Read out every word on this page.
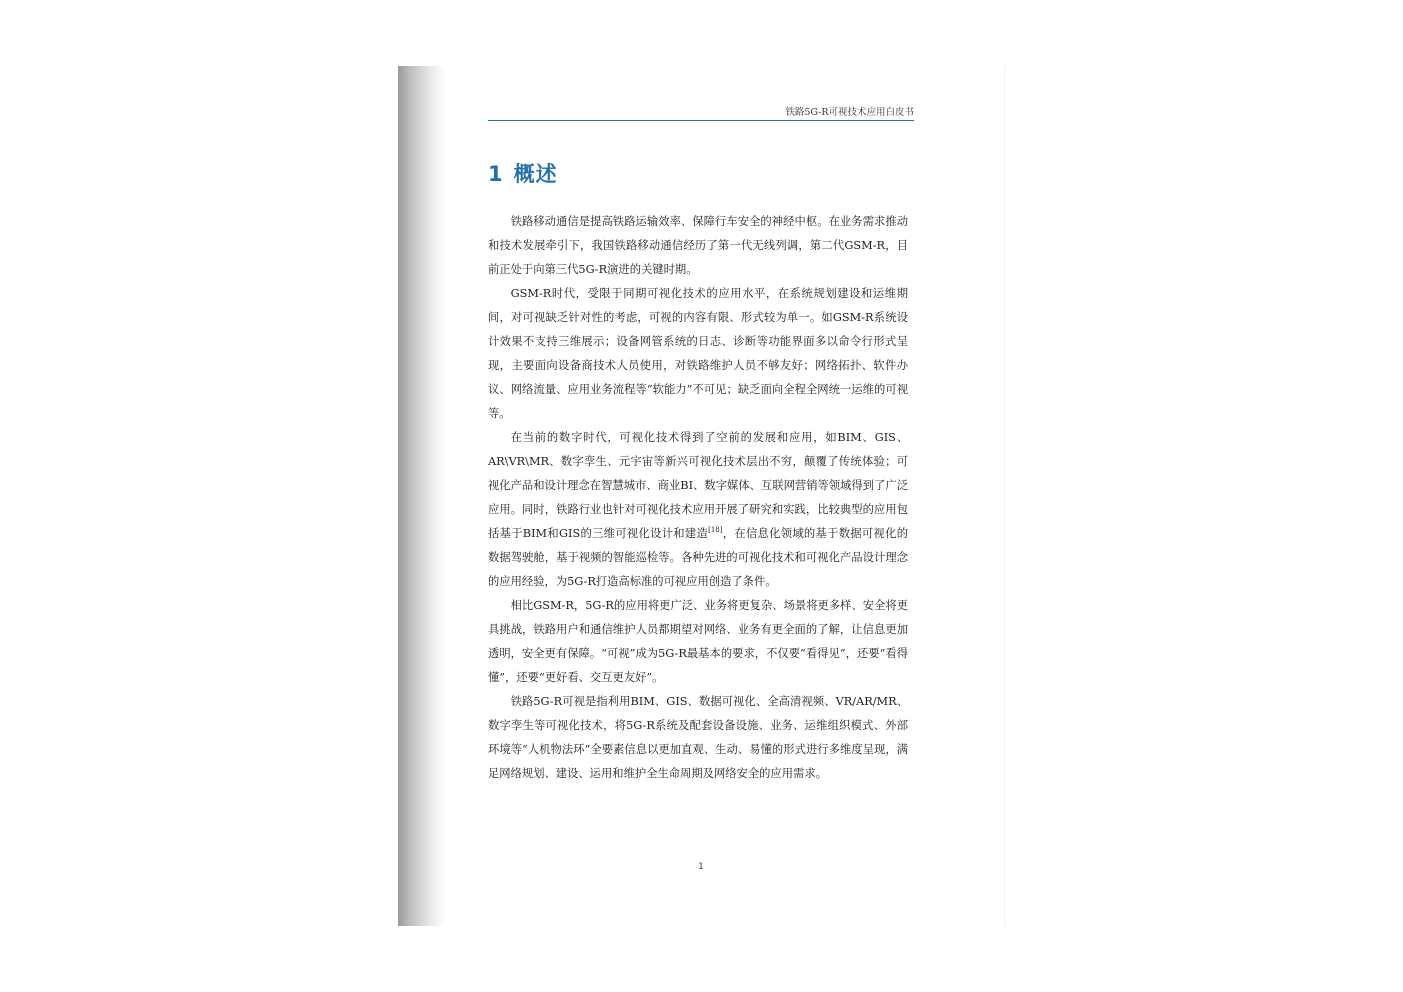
铁路5G-R可视技术应用白皮书
1 概述

铁路移动通信是提高铁路运输效率、保障行车安全的神经中枢。在业务需求推动和技术发展牵引下，我国铁路移动通信经历了第一代无线列调，第二代GSM-R，目前正处于向第三代5G-R演进的关键时期。

GSM-R时代，受限于同期可视化技术的应用水平，在系统规划建设和运维期间，对可视缺乏针对性的考虑，可视的内容有限、形式较为单一。如GSM-R系统设计效果不支持三维展示；设备网管系统的日志、诊断等功能界面多以命令行形式呈现，主要面向设备商技术人员使用，对铁路维护人员不够友好；网络拓扑、软件办议、网络流量、应用业务流程等“软能力”不可见；缺乏面向全程全网统一运维的可视等。

在当前的数字时代，可视化技术得到了空前的发展和应用，如BIM、GIS、AR\VR\MR、数字孪生、元宇宙等新兴可视化技术层出不穷，颠覆了传统体验；可视化产品和设计理念在智慧城市、商业BI、数字媒体、互联网营销等领域得到了广泛应用。同时，铁路行业也针对可视化技术应用开展了研究和实践，比较典型的应用包括基于BIM和GIS的三维可视化设计和建造[18]，在信息化领域的基于数据可视化的数据驾驶舱，基于视频的智能巡检等。各种先进的可视化技术和可视化产品设计理念的应用经验，为5G-R打造高标准的可视应用创造了条件。

相比GSM-R，5G-R的应用将更广泛、业务将更复杂、场景将更多样、安全将更具挑战，铁路用户和通信维护人员都期望对网络、业务有更全面的了解，让信息更加透明，安全更有保障。“可视”成为5G-R最基本的要求，不仅要“看得见”，还要“看得懂”，还要“更好看、交互更友好”。

铁路5G-R可视是指利用BIM、GIS、数据可视化、全高清视频、VR/AR/MR、数字孪生等可视化技术，将5G-R系统及配套设备设施、业务、运维组织模式、外部环境等“人机物法环”全要素信息以更加直观、生动、易懂的形式进行多维度呈现，满足网络规划、建设、运用和维护全生命周期及网络安全的应用需求。

1
